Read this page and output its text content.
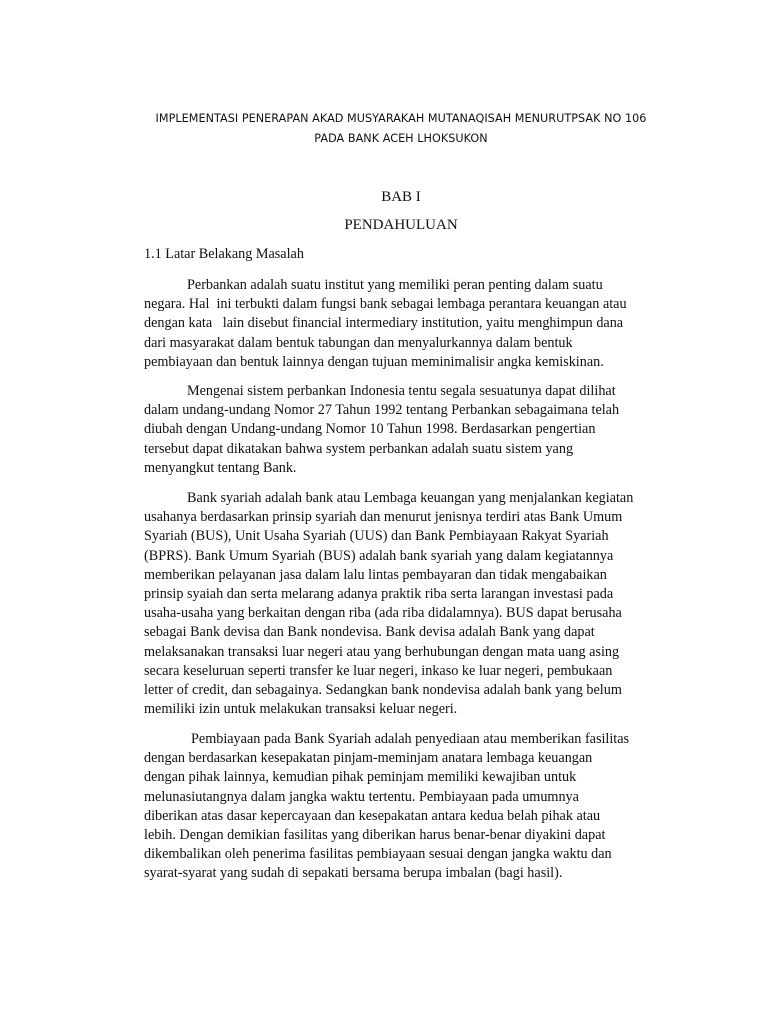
IMPLEMENTASI PENERAPAN AKAD MUSYARAKAH MUTANAQISAH MENURUTPSAK NO 106
PADA BANK ACEH LHOKSUKON
BAB I
PENDAHULUAN
1.1 Latar Belakang Masalah
Perbankan adalah suatu institut yang memiliki peran penting dalam suatu
negara. Hal  ini terbukti dalam fungsi bank sebagai lembaga perantara keuangan atau
dengan kata   lain disebut financial intermediary institution, yaitu menghimpun dana
dari masyarakat dalam bentuk tabungan dan menyalurkannya dalam bentuk
pembiayaan dan bentuk lainnya dengan tujuan meminimalisir angka kemiskinan.
Mengenai sistem perbankan Indonesia tentu segala sesuatunya dapat dilihat
dalam undang-undang Nomor 27 Tahun 1992 tentang Perbankan sebagaimana telah
diubah dengan Undang-undang Nomor 10 Tahun 1998. Berdasarkan pengertian
tersebut dapat dikatakan bahwa system perbankan adalah suatu sistem yang
menyangkut tentang Bank.
Bank syariah adalah bank atau Lembaga keuangan yang menjalankan kegiatan
usahanya berdasarkan prinsip syariah dan menurut jenisnya terdiri atas Bank Umum
Syariah (BUS), Unit Usaha Syariah (UUS) dan Bank Pembiayaan Rakyat Syariah
(BPRS). Bank Umum Syariah (BUS) adalah bank syariah yang dalam kegiatannya
memberikan pelayanan jasa dalam lalu lintas pembayaran dan tidak mengabaikan
prinsip syaiah dan serta melarang adanya praktik riba serta larangan investasi pada
usaha-usaha yang berkaitan dengan riba (ada riba didalamnya). BUS dapat berusaha
sebagai Bank devisa dan Bank nondevisa. Bank devisa adalah Bank yang dapat
melaksanakan transaksi luar negeri atau yang berhubungan dengan mata uang asing
secara keseluruan seperti transfer ke luar negeri, inkaso ke luar negeri, pembukaan
letter of credit, dan sebagainya. Sedangkan bank nondevisa adalah bank yang belum
memiliki izin untuk melakukan transaksi keluar negeri.
Pembiayaan pada Bank Syariah adalah penyediaan atau memberikan fasilitas
dengan berdasarkan kesepakatan pinjam-meminjam anatara lembaga keuangan
dengan pihak lainnya, kemudian pihak peminjam memiliki kewajiban untuk
melunasiutangnya dalam jangka waktu tertentu. Pembiayaan pada umumnya
diberikan atas dasar kepercayaan dan kesepakatan antara kedua belah pihak atau
lebih. Dengan demikian fasilitas yang diberikan harus benar-benar diyakini dapat
dikembalikan oleh penerima fasilitas pembiayaan sesuai dengan jangka waktu dan
syarat-syarat yang sudah di sepakati bersama berupa imbalan (bagi hasil).
